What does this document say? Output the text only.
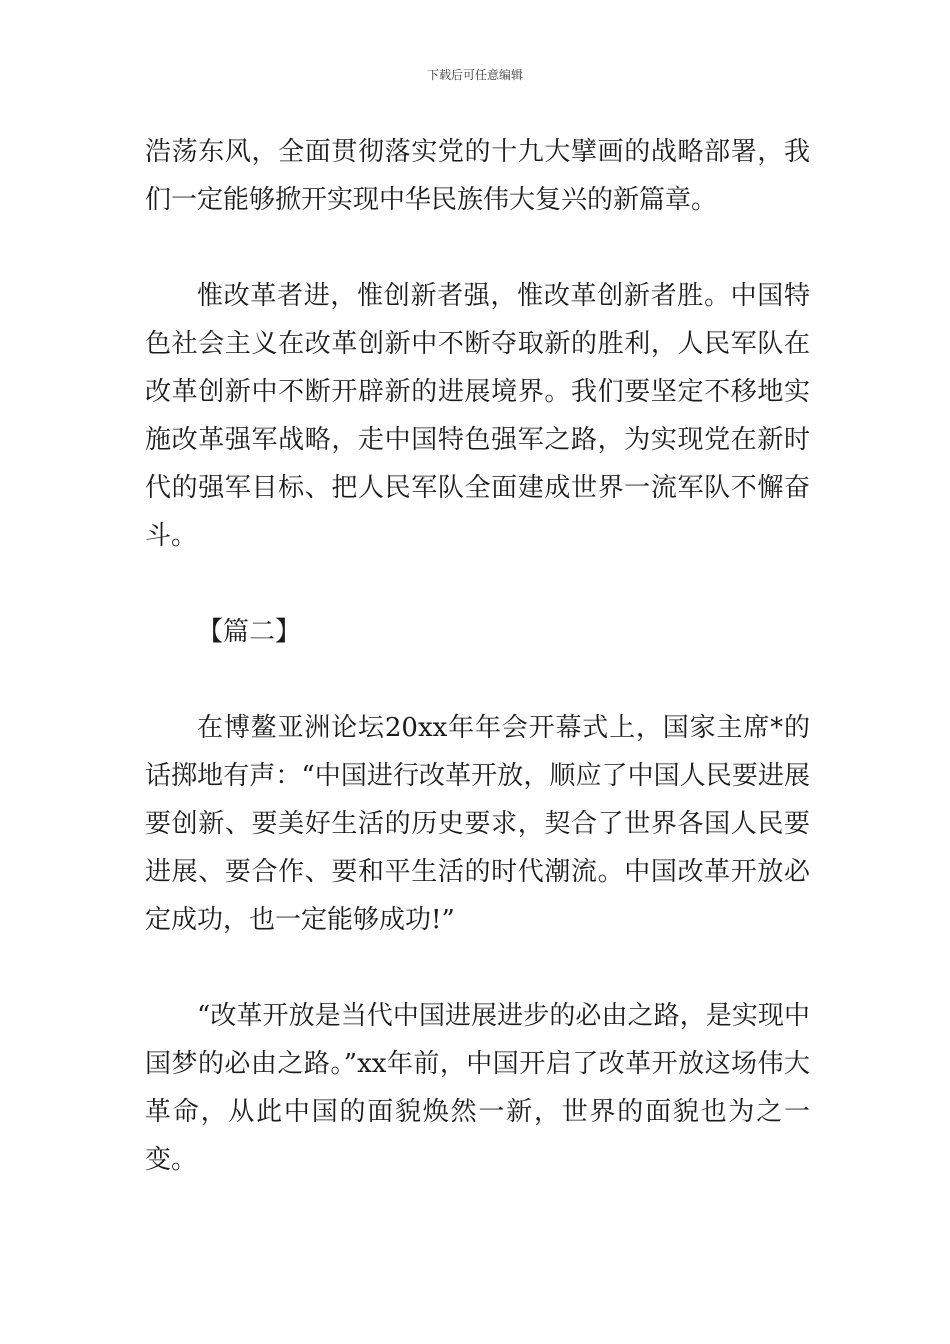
下载后可任意编辑

浩荡东风，全面贯彻落实党的十九大擘画的战略部署，我们一定能够掀开实现中华民族伟大复兴的新篇章。

惟改革者进，惟创新者强，惟改革创新者胜。中国特色社会主义在改革创新中不断夺取新的胜利，人民军队在改革创新中不断开辟新的进展境界。我们要坚定不移地实施改革强军战略，走中国特色强军之路，为实现党在新时代的强军目标、把人民军队全面建成世界一流军队不懈奋斗。

【篇二】

在博鳌亚洲论坛20xx年年会开幕式上，国家主席*的话掷地有声：“中国进行改革开放，顺应了中国人民要进展要创新、要美好生活的历史要求，契合了世界各国人民要进展、要合作、要和平生活的时代潮流。中国改革开放必定成功，也一定能够成功!”

“改革开放是当代中国进展进步的必由之路，是实现中国梦的必由之路。”xx年前，中国开启了改革开放这场伟大革命，从此中国的面貌焕然一新，世界的面貌也为之一变。
